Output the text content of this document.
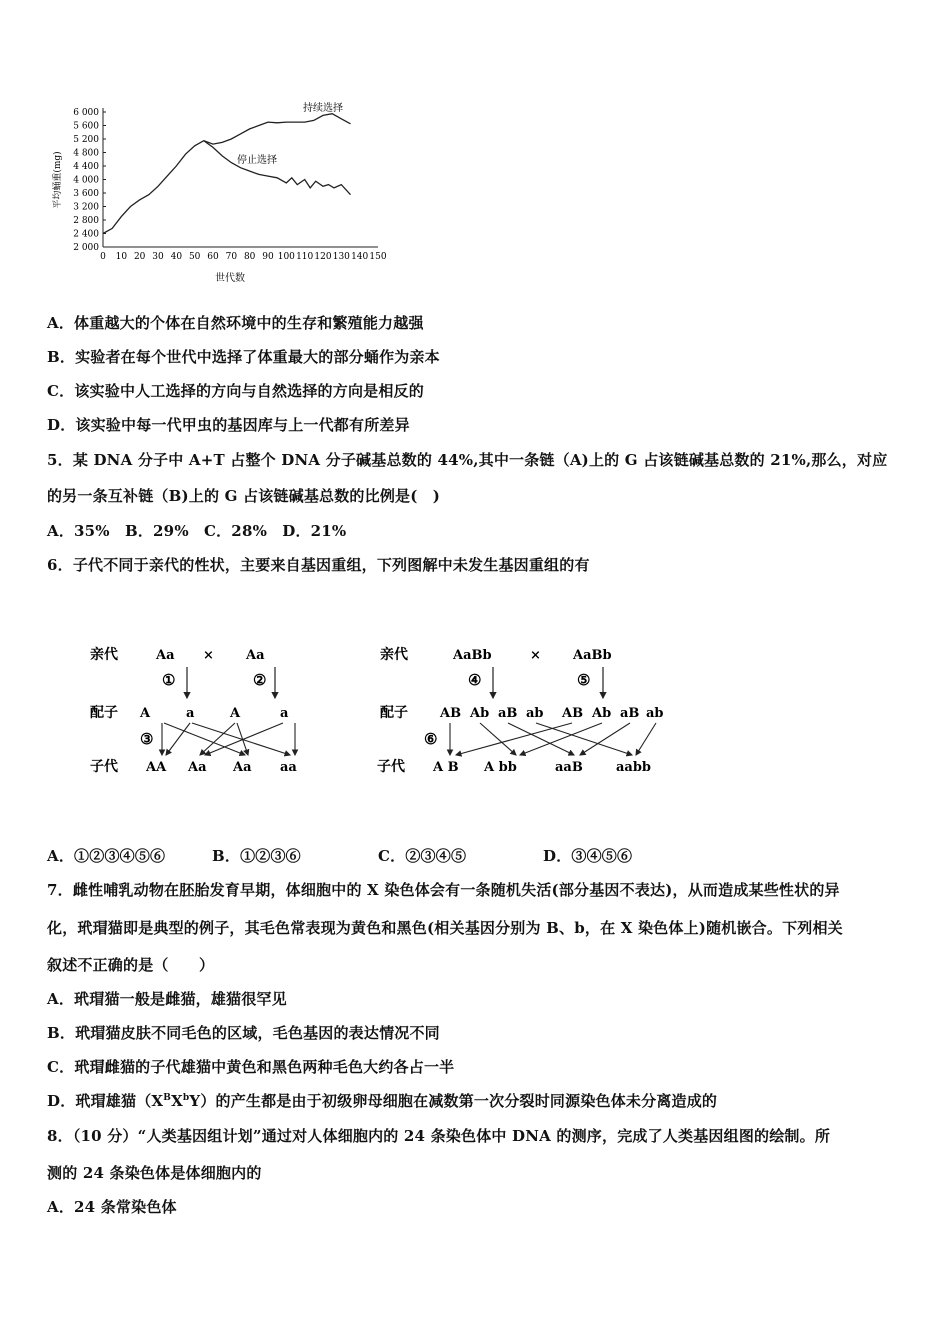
2 000
2 400
2 800
3 200
3 600
4 000
4 400
4 800
5 200
5 600
6 000
0 10 20 30 40 50 60 70 80 90 100 110 120 130 140 150
平均蛹重(mg)
世代数
持续选择
停止选择
A．体重越大的个体在自然环境中的生存和繁殖能力越强
B．实验者在每个世代中选择了体重最大的部分蛹作为亲本
C．该实验中人工选择的方向与自然选择的方向是相反的
D．该实验中每一代甲虫的基因库与上一代都有所差异
5．某 DNA 分子中 A+T 占整个 DNA 分子碱基总数的 44%,其中一条链（A)上的 G 占该链碱基总数的 21%,那么，对应
的另一条互补链（B)上的 G 占该链碱基总数的比例是(　)
A．35%　B．29%　C．28%　D．21%
6．子代不同于亲代的性状，主要来自基因重组，下列图解中未发生基因重组的有
亲代
配子
子代
Aa × Aa
①	②
A	a	A	a
③
AA Aa Aa aa
亲代
配子
子代
AaBb	× AaBb
④	⑤
AB Ab aB ab AB Ab aB ab
⑥
A B A bb	aaB	aabb
A．①②③④⑤⑥	B．①②③⑥	C．②③④⑤	D．③④⑤⑥
7．雌性哺乳动物在胚胎发育早期，体细胞中的 X 染色体会有一条随机失活(部分基因不表达)，从而造成某些性状的异
化，玳瑁猫即是典型的例子，其毛色常表现为黄色和黑色(相关基因分别为 B、b，在 X 染色体上)随机嵌合。下列相关
叙述不正确的是（　　）
A．玳瑁猫一般是雌猫，雄猫很罕见
B．玳瑁猫皮肤不同毛色的区域，毛色基因的表达情况不同
C．玳瑁雌猫的子代雄猫中黄色和黑色两种毛色大约各占一半
D．玳瑁雄猫$(X^BX^bY)$的产生都是由于初级卵母细胞在减数第一次分裂时同源染色体未分离造成的
8．（10 分）“人类基因组计划”通过对人体细胞内的 24 条染色体中 DNA 的测序，完成了人类基因组图的绘制。所
测的 24 条染色体是体细胞内的
A．24 条常染色体
